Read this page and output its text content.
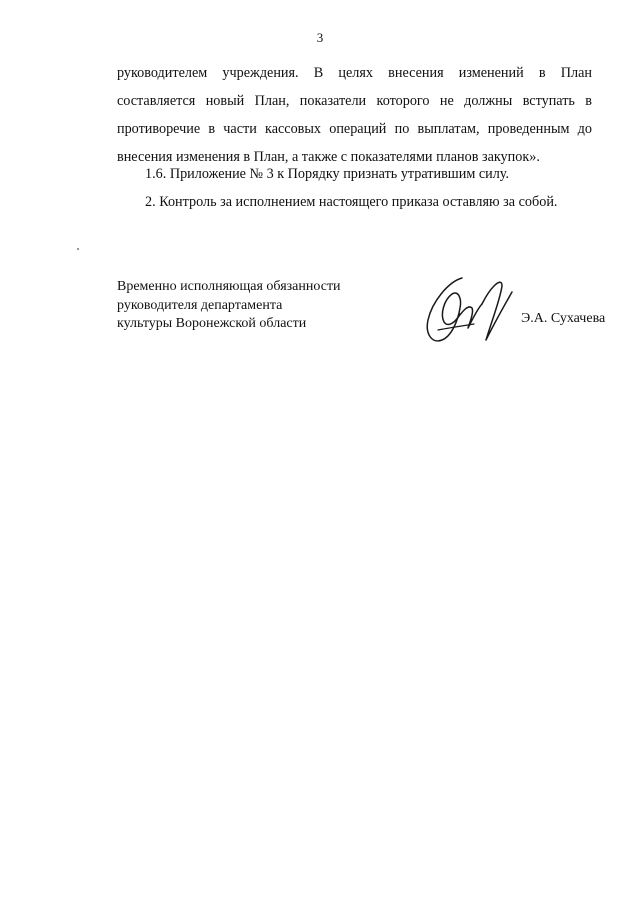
3

руководителем учреждения. В целях внесения изменений в План
составляется новый План, показатели которого не должны вступать в
противоречие в части кассовых операций по выплатам, проведенным до
внесения изменения в План, а также с показателями планов закупок».

1.6. Приложение № 3 к Порядку признать утратившим силу.
2. Контроль за исполнением настоящего приказа оставляю за собой.
Временно исполняющая обязанности
руководителя департамента
культуры Воронежской области	Э.А. Сухачева
